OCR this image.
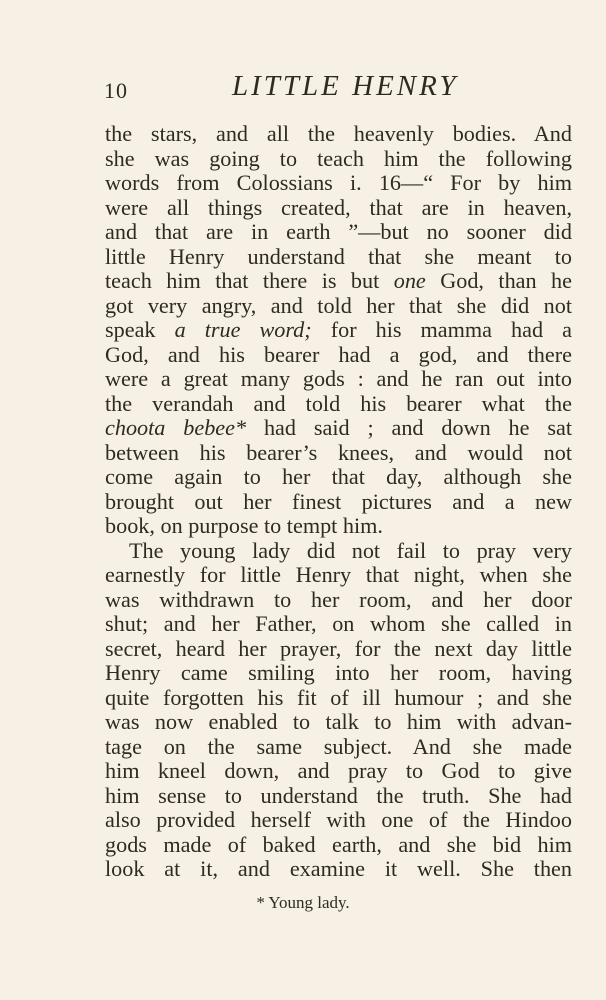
10	LITTLE HENRY
the stars, and all the heavenly bodies. And
she was going to teach him the following
words from Colossians i. 16—“ For by him
were all things created, that are in heaven,
and that are in earth ”—but no sooner did
little Henry understand that she meant to
teach him that there is but one God, than he
got very angry, and told her that she did not
speak a true word; for his mamma had a
God, and his bearer had a god, and there
were a great many gods : and he ran out into
the verandah and told his bearer what the
choota bebee* had said ; and down he sat
between his bearer’s knees, and would not
come again to her that day, although she
brought out her finest pictures and a new
book, on purpose to tempt him.
The young lady did not fail to pray very
earnestly for little Henry that night, when she
was withdrawn to her room, and her door
shut; and her Father, on whom she called in
secret, heard her prayer, for the next day little
Henry came smiling into her room, having
quite forgotten his fit of ill humour ; and she
was now enabled to talk to him with advan-
tage on the same subject. And she made
him kneel down, and pray to God to give
him sense to understand the truth. She had
also provided herself with one of the Hindoo
gods made of baked earth, and she bid him
look at it, and examine it well. She then
* Young lady.
